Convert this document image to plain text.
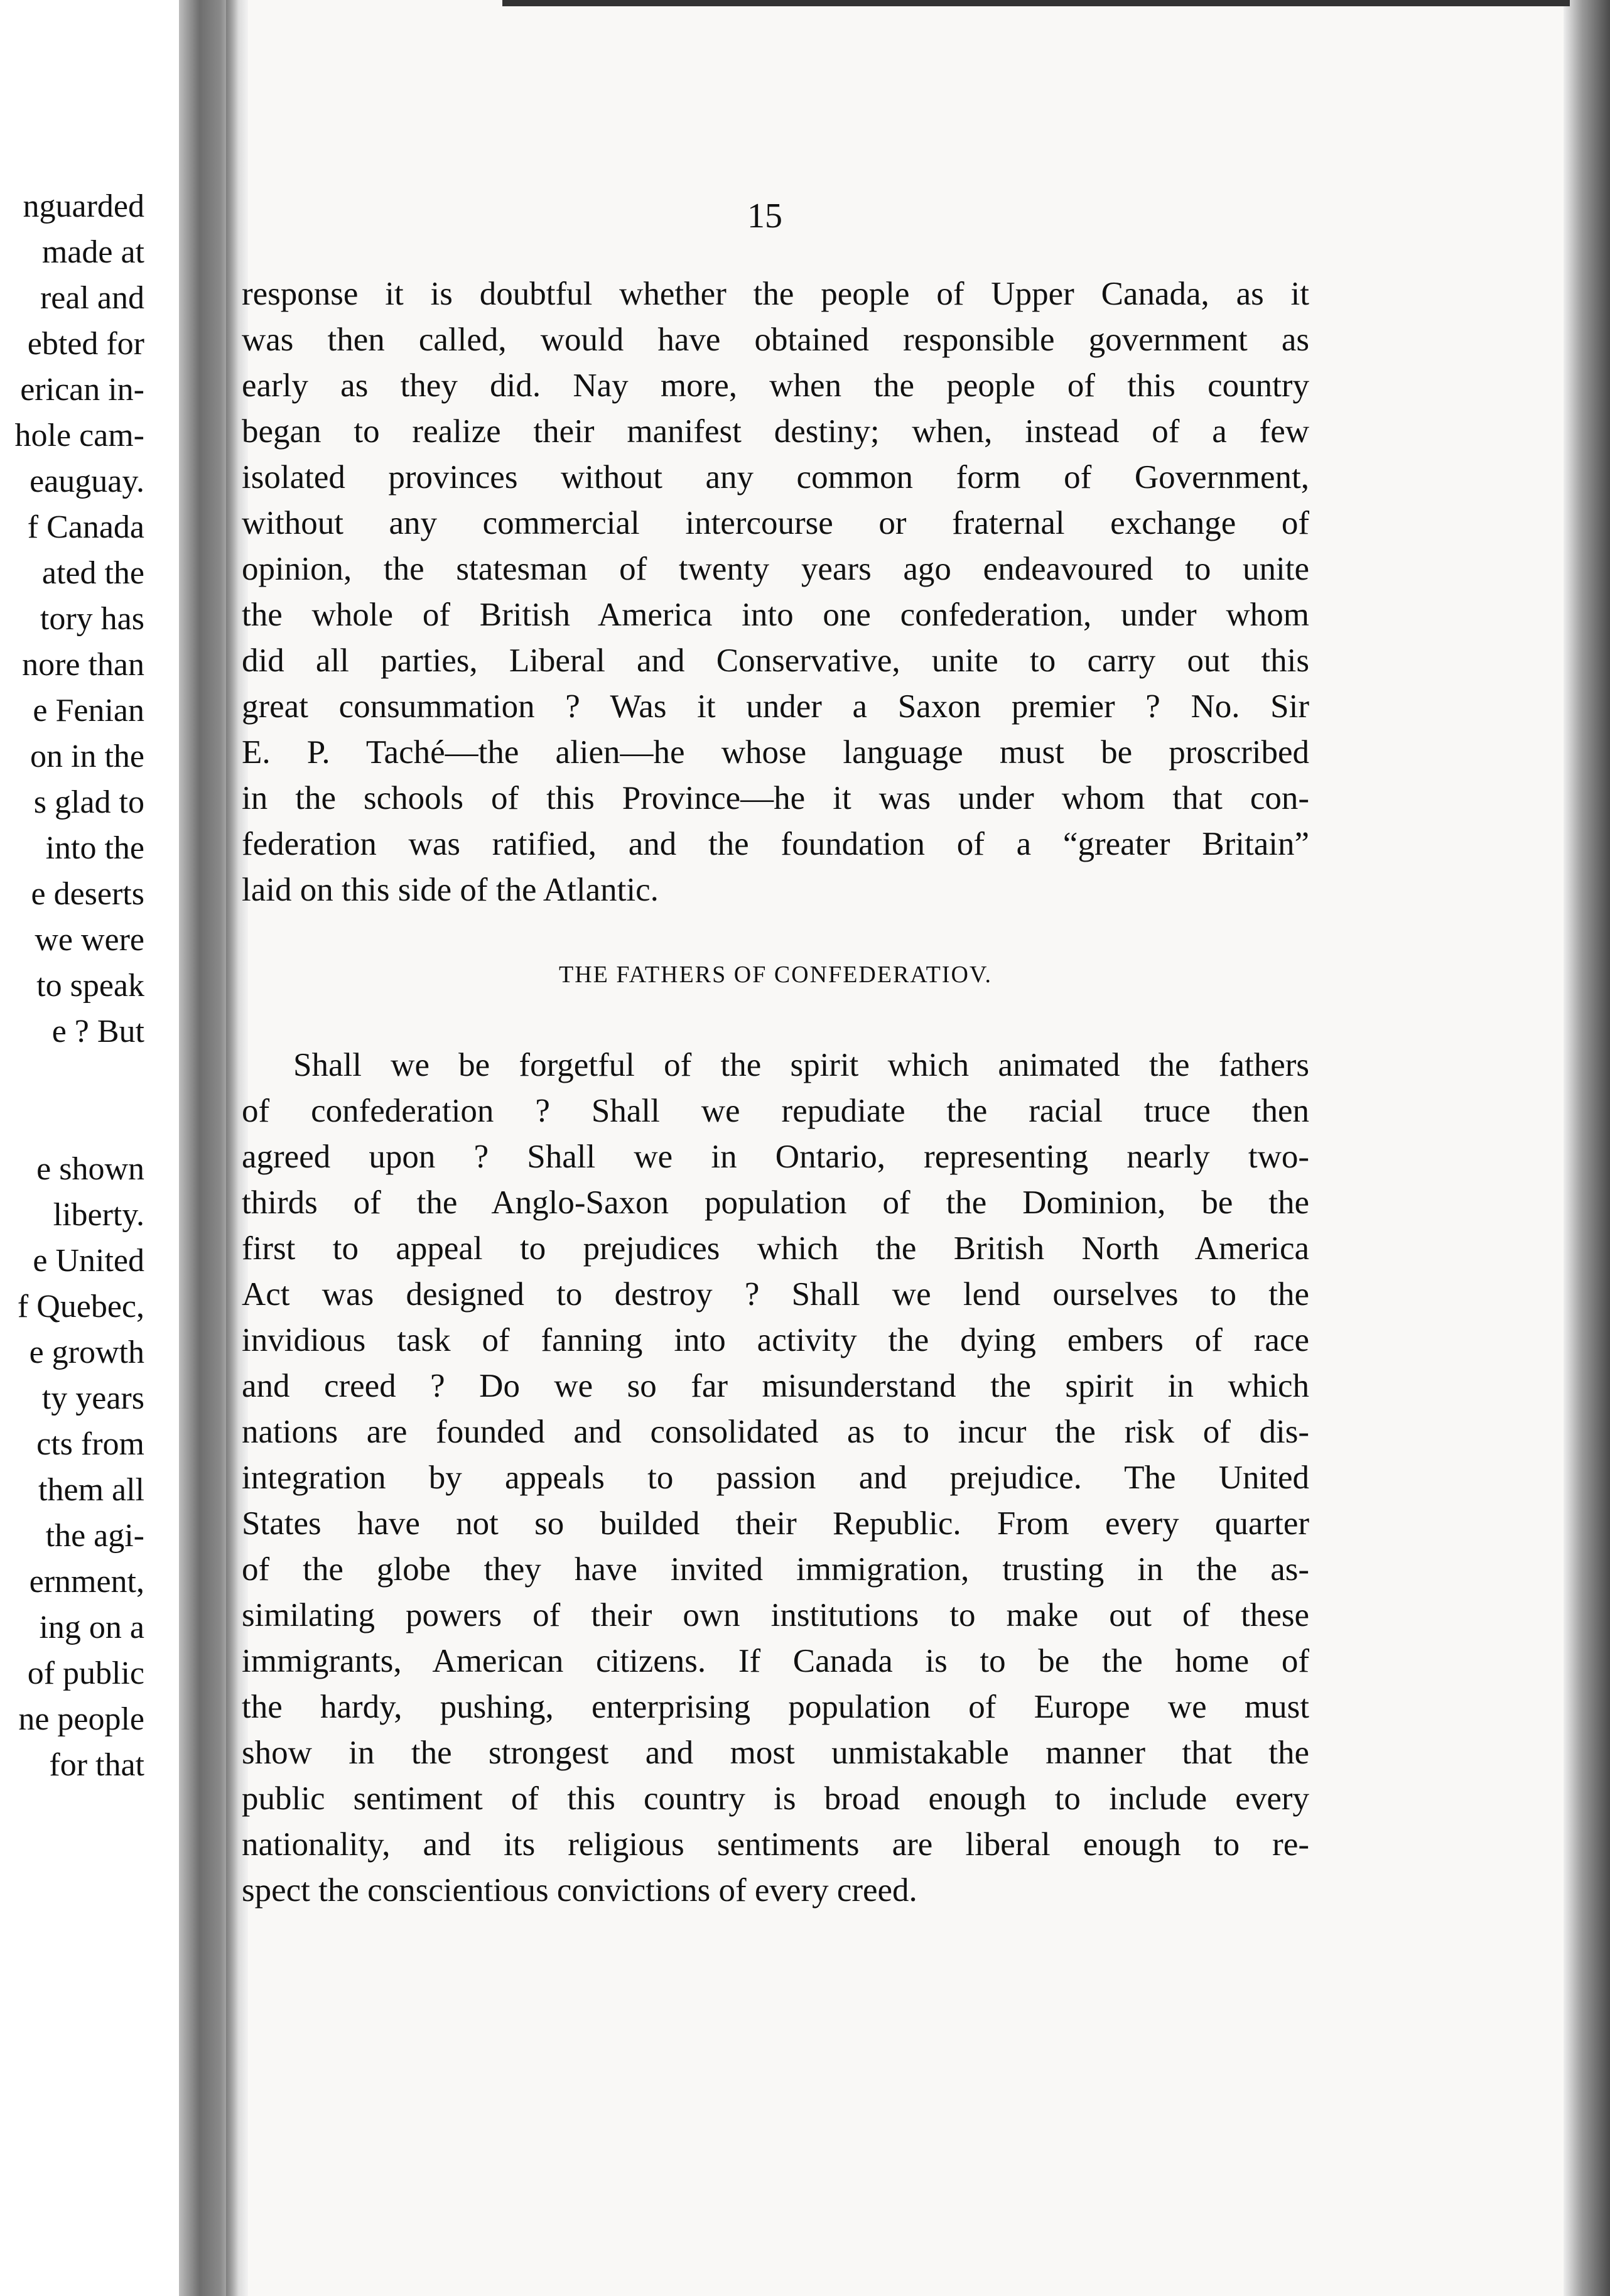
nguarded
made at
real and
ebted for
erican in-
hole cam-
eauguay.
f Canada
ated the
tory has
nore than
e Fenian
on in the
s glad to
into the
e deserts
we were
to speak
e ? But
e shown
liberty.
e United
f Quebec,
e growth
ty years
cts from
them all
the agi-
ernment,
ing on a
of public
ne people
for that
15
response it is doubtful whether the people of Upper Canada, as it
was then called, would have obtained responsible government as
early as they did. Nay more, when the people of this country
began to realize their manifest destiny; when, instead of a few
isolated provinces without any common form of Government,
without any commercial intercourse or fraternal exchange of
opinion, the statesman of twenty years ago endeavoured to unite
the whole of British America into one confederation, under whom
did all parties, Liberal and Conservative, unite to carry out this
great consummation ? Was it under a Saxon premier ? No. Sir
E. P. Taché—the alien—he whose language must be proscribed
in the schools of this Province—he it was under whom that con-
federation was ratified, and the foundation of a “greater Britain”
laid on this side of the Atlantic.
THE FATHERS OF CONFEDERATIOV.
Shall we be forgetful of the spirit which animated the fathers
of confederation ? Shall we repudiate the racial truce then
agreed upon ? Shall we in Ontario, representing nearly two-
thirds of the Anglo-Saxon population of the Dominion, be the
first to appeal to prejudices which the British North America
Act was designed to destroy ? Shall we lend ourselves to the
invidious task of fanning into activity the dying embers of race
and creed ? Do we so far misunderstand the spirit in which
nations are founded and consolidated as to incur the risk of dis-
integration by appeals to passion and prejudice. The United
States have not so builded their Republic. From every quarter
of the globe they have invited immigration, trusting in the as-
similating powers of their own institutions to make out of these
immigrants, American citizens. If Canada is to be the home of
the hardy, pushing, enterprising population of Europe we must
show in the strongest and most unmistakable manner that the
public sentiment of this country is broad enough to include every
nationality, and its religious sentiments are liberal enough to re-
spect the conscientious convictions of every creed.
